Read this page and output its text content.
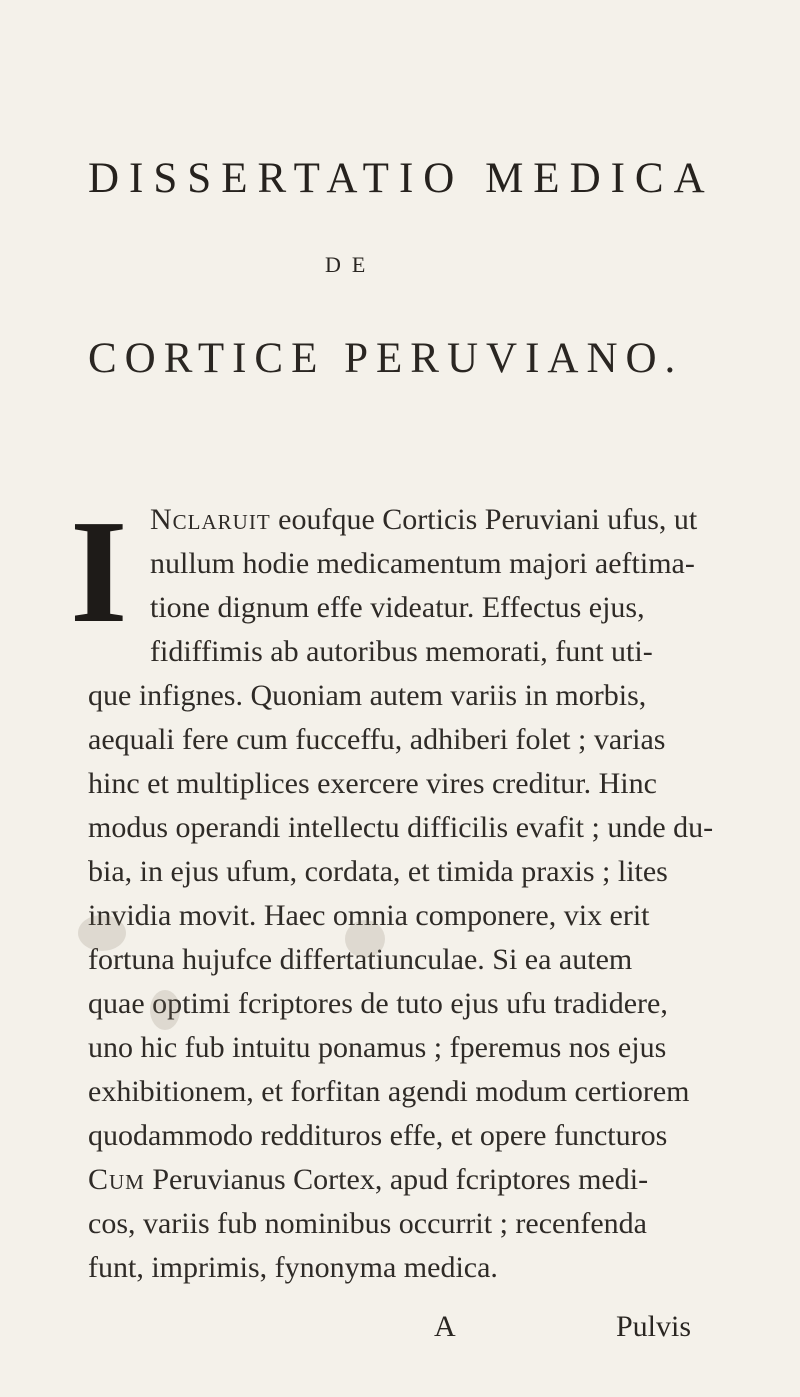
DISSERTATIO MEDICA
DE
CORTICE PERUVIANO.
I Nclaruit eoufque Corticis Peruviani ufus, ut
nullum hodie medicamentum majori aeftima-
tione dignum effe videatur. Effectus ejus,
fidiffimis ab autoribus memorati, funt uti-
que infignes. Quoniam autem variis in morbis,
aequali fere cum fucceffu, adhiberi folet ; varias
hinc et multiplices exercere vires creditur. Hinc
modus operandi intellectu difficilis evafit ; unde du-
bia, in ejus ufum, cordata, et timida praxis ; lites
invidia movit. Haec omnia componere, vix erit
fortuna hujufce differtatiunculae. Si ea autem
quae optimi fcriptores de tuto ejus ufu tradidere,
uno hic fub intuitu ponamus ; fperemus nos ejus
exhibitionem, et forfitan agendi modum certiorem
quodammodo reddituros effe, et opere functuros
Cum Peruvianus Cortex, apud fcriptores medi-
cos, variis fub nominibus occurrit ; recenfenda
funt, imprimis, fynonyma medica.
A	Pulvis
